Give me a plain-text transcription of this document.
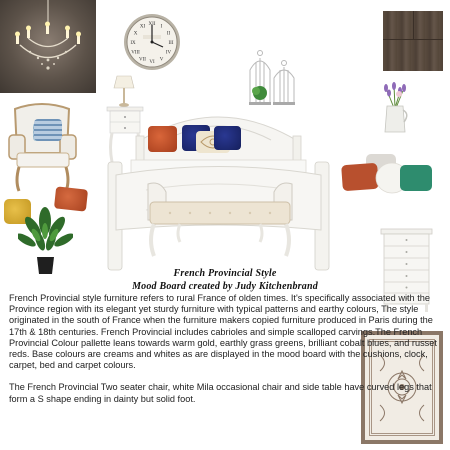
XII I
II
III
IV
V
VI
VII
VIII
IX
X
XI
French Provincial Style
Mood Board created by Judy Kitchenbrand

French Provincial style furniture refers to rural France of olden times. It's specifically associated with the Province region with its elegant yet sturdy furniture with typical patterns and earthy colours, The style originated in the south of France when the furniture makers copied furniture produced in Paris during the 17th & 18th centuries. French Provincial includes cabrioles and simple scalloped carvings.The French Provincial Colour pallette leans towards warm gold, earthly grass greens, brilliant cobalt blues, and russet reds. Base colours are creams and whites as are displayed in the mood board with the cushions, clock, carpet, bed and carpet colours.

The French Provincial Two seater chair, white Mila occasional chair and side table have curved legs that form a S shape ending in dainty but solid foot.
